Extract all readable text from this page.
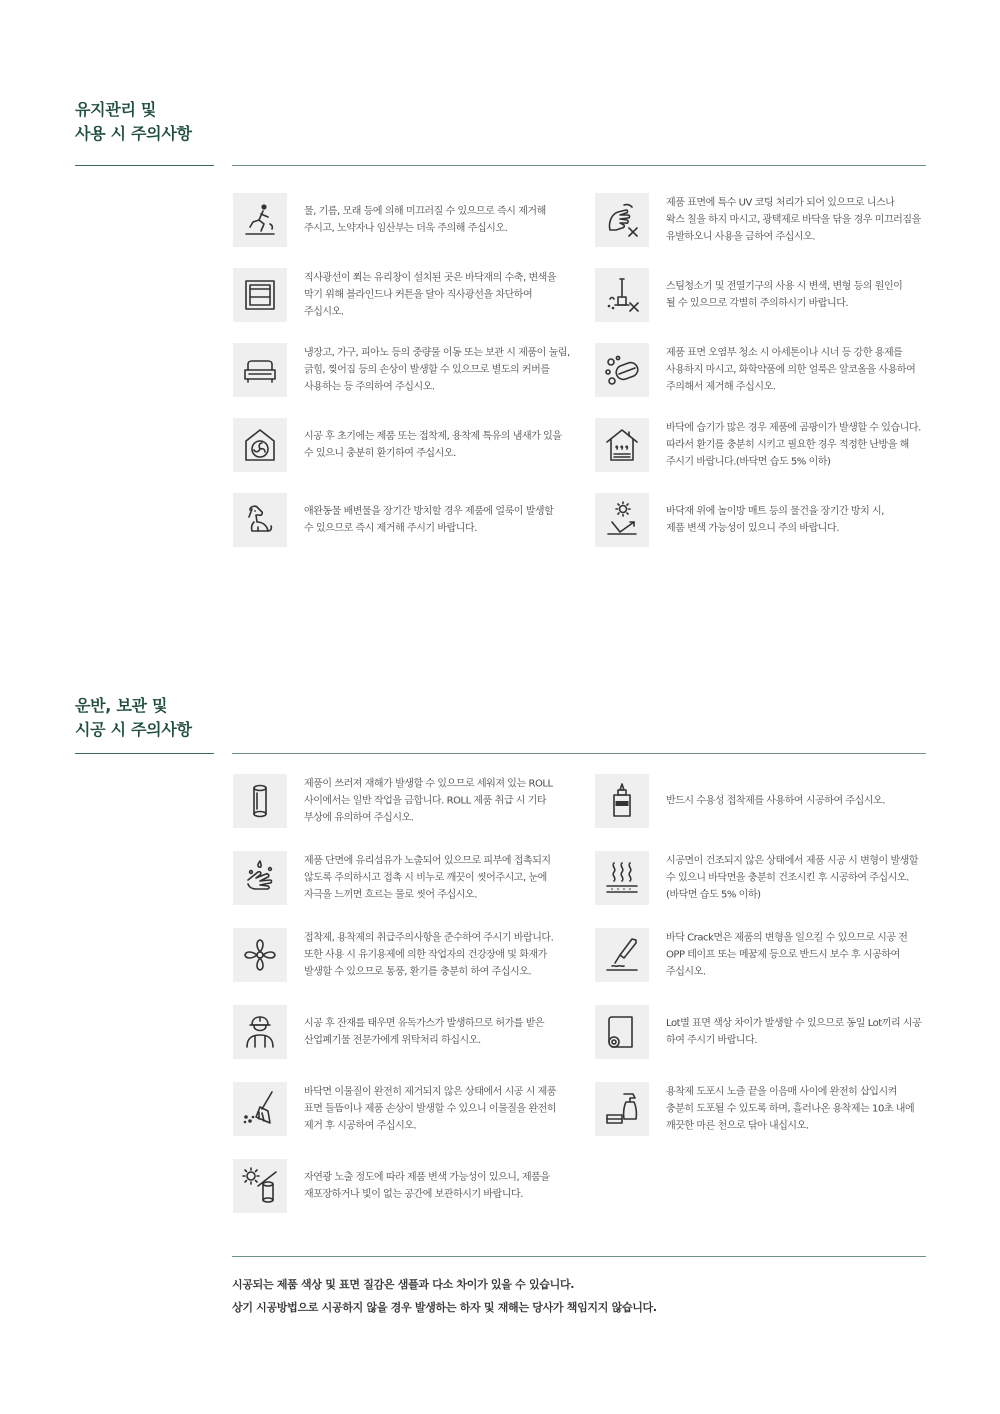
유지관리 및
사용 시 주의사항
물, 기름, 모래 등에 의해 미끄러질 수 있으므로 즉시 제거해
주시고, 노약자나 임산부는 더욱 주의해 주십시오.
제품 표면에 특수 UV 코팅 처리가 되어 있으므로 니스나
왁스 칠을 하지 마시고, 광택제로 바닥을 닦을 경우 미끄러짐을
유발하오니 사용을 금하여 주십시오.
직사광선이 쬐는 유리창이 설치된 곳은 바닥재의 수축, 변색을
막기 위해 블라인드나 커튼을 달아 직사광선을 차단하여
주십시오.
스팀청소기 및 전열기구의 사용 시 변색, 변형 등의 원인이
될 수 있으므로 각별히 주의하시기 바랍니다.
냉장고, 가구, 피아노 등의 중량물 이동 또는 보관 시 제품이 눌림,
긁힘, 찢어짐 등의 손상이 발생할 수 있으므로 별도의 커버를
사용하는 등 주의하여 주십시오.
제품 표면 오염부 청소 시 아세톤이나 시너 등 강한 용제를
사용하지 마시고, 화학약품에 의한 얼룩은 알코올을 사용하여
주의해서 제거해 주십시오.
시공 후 초기에는 제품 또는 접착제, 용착제 특유의 냄새가 있을
수 있으니 충분히 환기하여 주십시오.
바닥에 습기가 많은 경우 제품에 곰팡이가 발생할 수 있습니다.
따라서 환기를 충분히 시키고 필요한 경우 적정한 난방을 해
주시기 바랍니다.(바닥면 습도 5% 이하)
애완동물 배변물을 장기간 방치할 경우 제품에 얼룩이 발생할
수 있으므로 즉시 제거해 주시기 바랍니다.
바닥재 위에 놀이방 매트 등의 물건을 장기간 방치 시,
제품 변색 가능성이 있으니 주의 바랍니다.
운반, 보관 및
시공 시 주의사항
제품이 쓰러져 재해가 발생할 수 있으므로 세워져 있는 ROLL
사이에서는 일반 작업을 금합니다. ROLL 제품 취급 시 기타
부상에 유의하여 주십시오.
반드시 수용성 접착제를 사용하여 시공하여 주십시오.
제품 단면에 유리섬유가 노출되어 있으므로 피부에 접촉되지
않도록 주의하시고 접촉 시 비누로 깨끗이 씻어주시고, 눈에
자극을 느끼면 흐르는 물로 씻어 주십시오.
시공면이 건조되지 않은 상태에서 제품 시공 시 변형이 발생할
수 있으니 바닥면을 충분히 건조시킨 후 시공하여 주십시오.
(바닥면 습도 5% 이하)
접착제, 용착제의 취급주의사항을 준수하여 주시기 바랍니다.
또한 사용 시 유기용제에 의한 작업자의 건강장애 및 화재가
발생할 수 있으므로 통풍, 환기를 충분히 하여 주십시오.
바닥 Crack면은 제품의 변형을 일으킬 수 있으므로 시공 전
OPP 테이프 또는 메꿈제 등으로 반드시 보수 후 시공하여
주십시오.
시공 후 잔재를 태우면 유독가스가 발생하므로 허가를 받은
산업폐기물 전문가에게 위탁처리 하십시오.
Lot별 표면 색상 차이가 발생할 수 있으므로 동일 Lot끼리 시공
하여 주시기 바랍니다.
바닥면 이물질이 완전히 제거되지 않은 상태에서 시공 시 제품
표면 들뜸이나 제품 손상이 발생할 수 있으니 이물질을 완전히
제거 후 시공하여 주십시오.
용착제 도포시 노즐 끝을 이음매 사이에 완전히 삽입시켜
충분히 도포될 수 있도록 하며, 흘러나온 용착제는 10초 내에
깨끗한 마른 천으로 닦아 내십시오.
자연광 노출 정도에 따라 제품 변색 가능성이 있으니, 제품을
재포장하거나 빛이 없는 공간에 보관하시기 바랍니다.
시공되는 제품 색상 및 표면 질감은 샘플과 다소 차이가 있을 수 있습니다.
상기 시공방법으로 시공하지 않을 경우 발생하는 하자 및 재해는 당사가 책임지지 않습니다.
